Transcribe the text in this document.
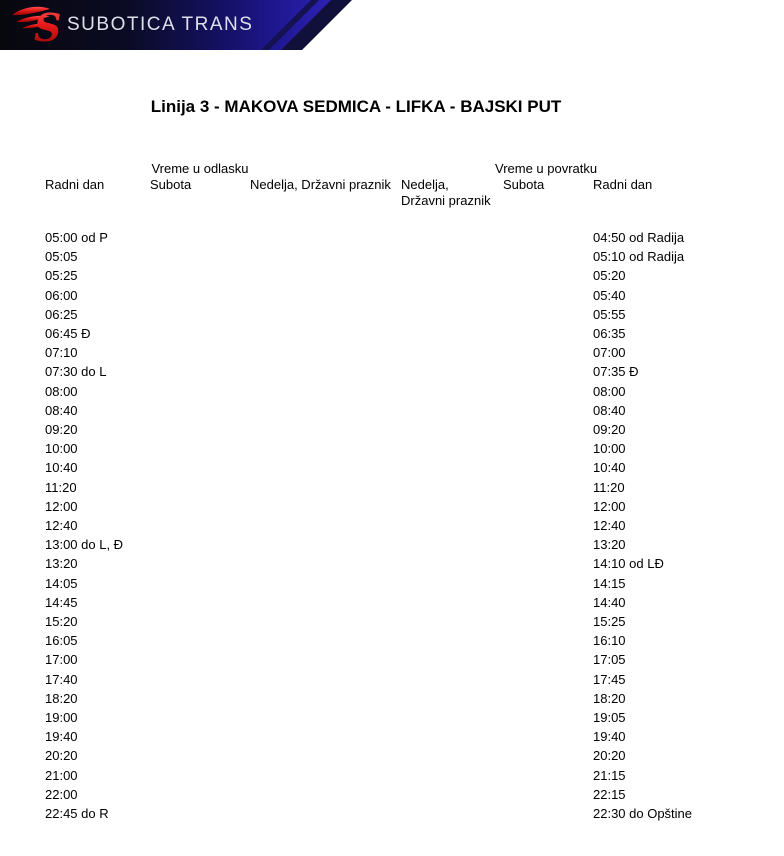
S SUBOTICA TRANS
Linija 3 - MAKOVA SEDMICA - LIFKA - BAJSKI PUT
	Vreme u odlasku			Vreme u povratku	

Radni dan	Subota	Nedelja, Državni praznik	Nedelja,
Državni praznik	Subota	Radni dan

05:00 od P					04:50 od Radija
05:05					05:10 od Radija
05:25					05:20
06:00					05:40
06:25					05:55
06:45 Đ					06:35
07:10					07:00
07:30 do L					07:35 Đ
08:00					08:00
08:40					08:40
09:20					09:20
10:00					10:00
10:40					10:40
11:20					11:20
12:00					12:00
12:40					12:40
13:00 do L, Đ					13:20
13:20					14:10 od LĐ
14:05					14:15
14:45					14:40
15:20					15:25
16:05					16:10
17:00					17:05
17:40					17:45
18:20					18:20
19:00					19:05
19:40					19:40
20:20					20:20
21:00					21:15
22:00					22:15
22:45 do R					22:30 do Opštine
